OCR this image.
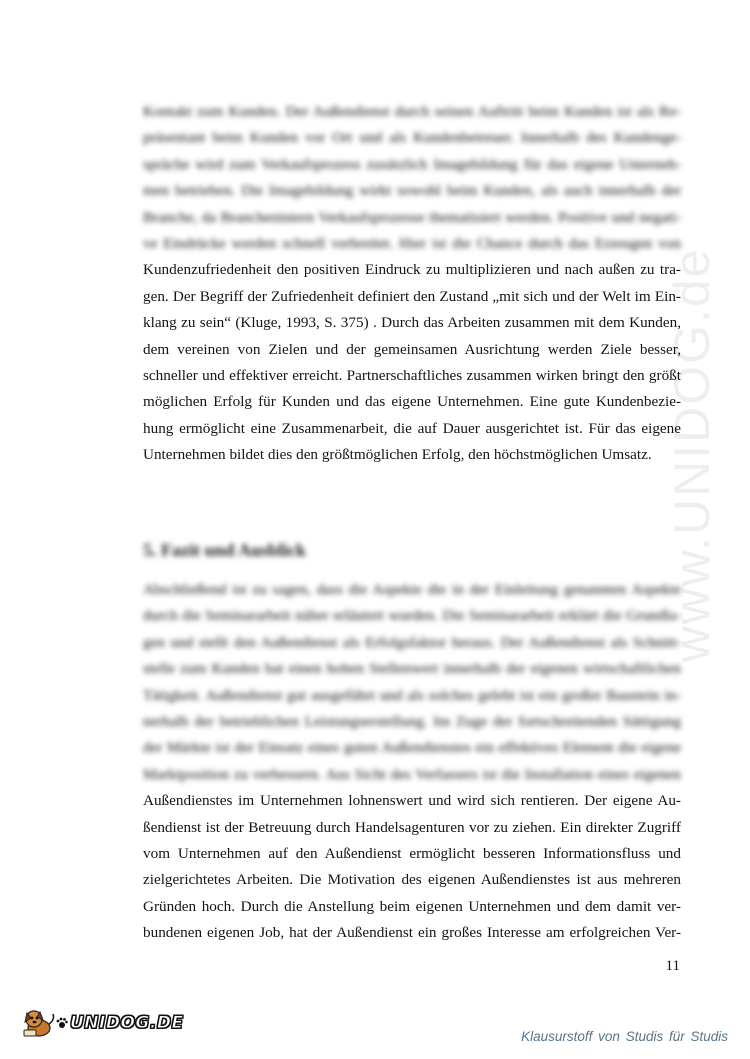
www.UNIDOG.de
Kontakt zum Kunden. Der Außendienst durch seinen Auftritt beim Kunden ist als Re-
präsentant beim Kunden vor Ort und als Kundenbetreuer. Innerhalb des Kundenge-
spräche wird zum Verkaufsprozess zusätzlich Imagebildung für das eigene Unterneh-
men betrieben. Die Imagebildung wirkt sowohl beim Kunden, als auch innerhalb der
Branche, da Branchenintern Verkaufsprozesse thematisiert werden. Positive und negati-
ve Eindrücke werden schnell verbreitet. Hier ist die Chance durch das Erzeugen von
Kundenzufriedenheit den positiven Eindruck zu multiplizieren und nach außen zu tra-
gen. Der Begriff der Zufriedenheit definiert den Zustand „mit sich und der Welt im Ein-
klang zu sein“ (Kluge, 1993, S. 375) . Durch das Arbeiten zusammen mit dem Kunden,
dem vereinen von Zielen und der gemeinsamen Ausrichtung werden Ziele besser,
schneller und effektiver erreicht. Partnerschaftliches zusammen wirken bringt den größt
möglichen Erfolg für Kunden und das eigene Unternehmen. Eine gute Kundenbezie-
hung ermöglicht eine Zusammenarbeit, die auf Dauer ausgerichtet ist. Für das eigene
Unternehmen bildet dies den größtmöglichen Erfolg, den höchstmöglichen Umsatz.
5. Fazit und Ausblick
Abschließend ist zu sagen, dass die Aspekte die in der Einleitung genannten Aspekte
durch die Seminararbeit näher erläutert wurden. Die Seminararbeit erklärt die Grundla-
gen und stellt den Außendienst als Erfolgsfaktor heraus. Der Außendienst als Schnitt-
stelle zum Kunden hat einen hohen Stellenwert innerhalb der eigenen wirtschaftlichen
Tätigkeit. Außendienst gut ausgeführt und als solches gelebt ist ein großer Baustein in-
nerhalb der betrieblichen Leistungserstellung. Im Zuge der fortschreitenden Sättigung
der Märkte ist der Einsatz eines guten Außendienstes ein effektives Element die eigene
Marktposition zu verbessern. Aus Sicht des Verfassers ist die Installation eines eigenen
Außendienstes im Unternehmen lohnenswert und wird sich rentieren. Der eigene Au-
ßendienst ist der Betreuung durch Handelsagenturen vor zu ziehen. Ein direkter Zugriff
vom Unternehmen auf den Außendienst ermöglicht besseren Informationsfluss und
zielgerichtetes Arbeiten. Die Motivation des eigenen Außendienstes ist aus mehreren
Gründen hoch. Durch die Anstellung beim eigenen Unternehmen und dem damit ver-
bundenen eigenen Job, hat der Außendienst ein großes Interesse am erfolgreichen Ver-
11
UNIDOG.DE
Klausurstoff von Studis für Studis
